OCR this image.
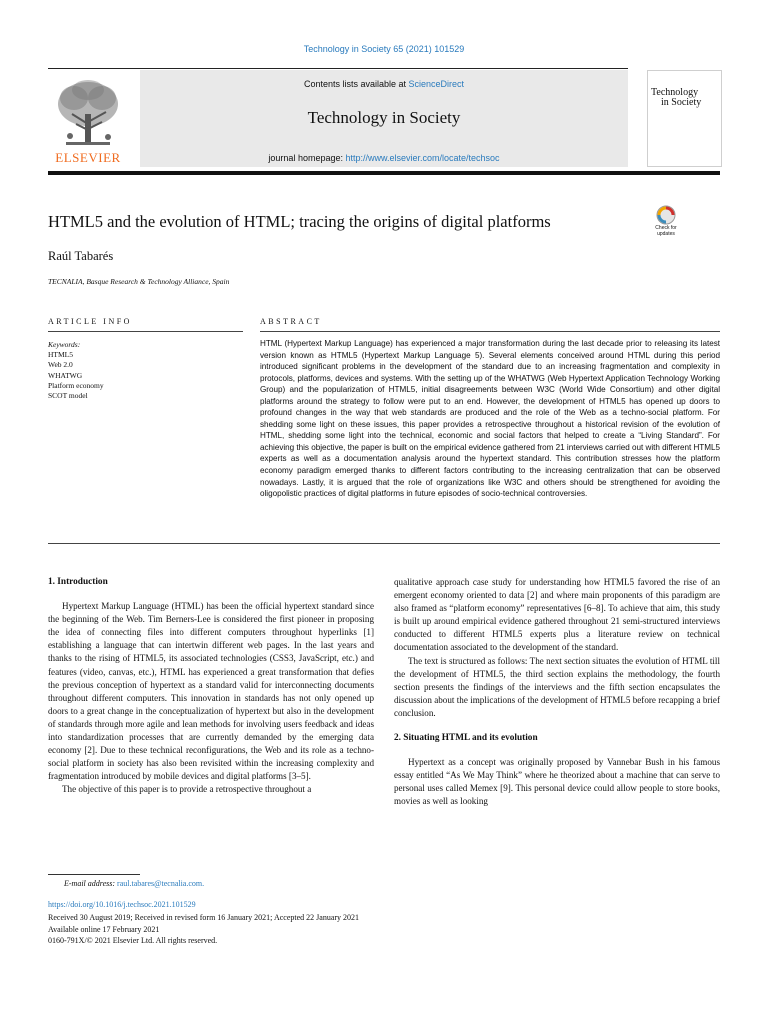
Technology in Society 65 (2021) 101529
ELSEVIER
Contents lists available at ScienceDirect
Technology in Society
journal homepage: http://www.elsevier.com/locate/techsoc
Technology
in Society
HTML5 and the evolution of HTML; tracing the origins of digital platforms	Check for
updates
Raúl Tabarés
TECNALIA, Basque Research & Technology Alliance, Spain
ARTICLE INFO	ABSTRACT
Keywords:
HTML5
Web 2.0
WHATWG
Platform economy
SCOT model
HTML (Hypertext Markup Language) has experienced a major transformation during the last decade prior to releasing its latest version known as HTML5 (Hypertext Markup Language 5). Several elements conceived around HTML during this period introduced significant problems in the development of the standard due to an increasing fragmentation and complexity in protocols, platforms, devices and systems. With the setting up of the WHATWG (Web Hypertext Application Technology Working Group) and the popularization of HTML5, initial disagreements between W3C (World Wide Consortium) and other digital platforms around the strategy to follow were put to an end. However, the development of HTML5 has opened up doors to profound changes in the way that web standards are produced and the role of the Web as a techno-social platform. For shedding some light on these issues, this paper provides a retrospective throughout a historical revision of the evolution of HTML, shedding some light into the technical, economic and social factors that helped to create a “Living Standard”. For achieving this objective, the paper is built on the empirical evidence gathered from 21 interviews carried out with different HTML5 experts as well as a documentation analysis around the hypertext standard. This contribution stresses how the platform economy paradigm emerged thanks to different factors contributing to the increasing centralization that can be observed nowadays. Lastly, it is argued that the role of organizations like W3C and others should be strengthened for avoiding the oligopolistic practices of digital platforms in future episodes of socio-technical controversies.

1. Introduction

Hypertext Markup Language (HTML) has been the official hypertext standard since the beginning of the Web. Tim Berners-Lee is considered the first pioneer in proposing the idea of connecting files into different computers throughout hyperlinks [1] establishing a language that can intertwin different web pages. In the last years and thanks to the rising of HTML5, its associated technologies (CSS3, JavaScript, etc.) and features (video, canvas, etc.), HTML has experienced a great transformation that defies the previous conception of hypertext as a standard valid for interconnecting documents throughout different computers. This innovation in standards has not only opened up doors to a great change in the conceptualization of hypertext but also in the development of standards through more agile and lean methods for involving users feedback and ideas into standardization processes that are currently demanded by the emerging data economy [2]. Due to these technical reconfigurations, the Web and its role as a techno-social platform in society has also been revisited within the increasing complexity and fragmentation introduced by mobile devices and digital platforms [3–5].

The objective of this paper is to provide a retrospective throughout a

qualitative approach case study for understanding how HTML5 favored the rise of an emergent economy oriented to data [2] and where main proponents of this paradigm are also framed as “platform economy” representatives [6–8]. To achieve that aim, this study is built up around empirical evidence gathered throughout 21 semi-structured interviews conducted to different HTML5 experts plus a literature review on technical documentation associated to the development of the standard.

The text is structured as follows: The next section situates the evolution of HTML till the development of HTML5, the third section explains the methodology, the fourth section presents the findings of the interviews and the fifth section encapsulates the discussion about the implications of the development of HTML5 before recapping a brief conclusion.

2. Situating HTML and its evolution

Hypertext as a concept was originally proposed by Vannebar Bush in his famous essay entitled “As We May Think” where he theorized about a machine that can serve to personal uses called Memex [9]. This personal device could allow people to store books, movies as well as looking

E-mail address: raul.tabares@tecnalia.com.
https://doi.org/10.1016/j.techsoc.2021.101529
Received 30 August 2019; Received in revised form 16 January 2021; Accepted 22 January 2021
Available online 17 February 2021
0160-791X/© 2021 Elsevier Ltd. All rights reserved.
